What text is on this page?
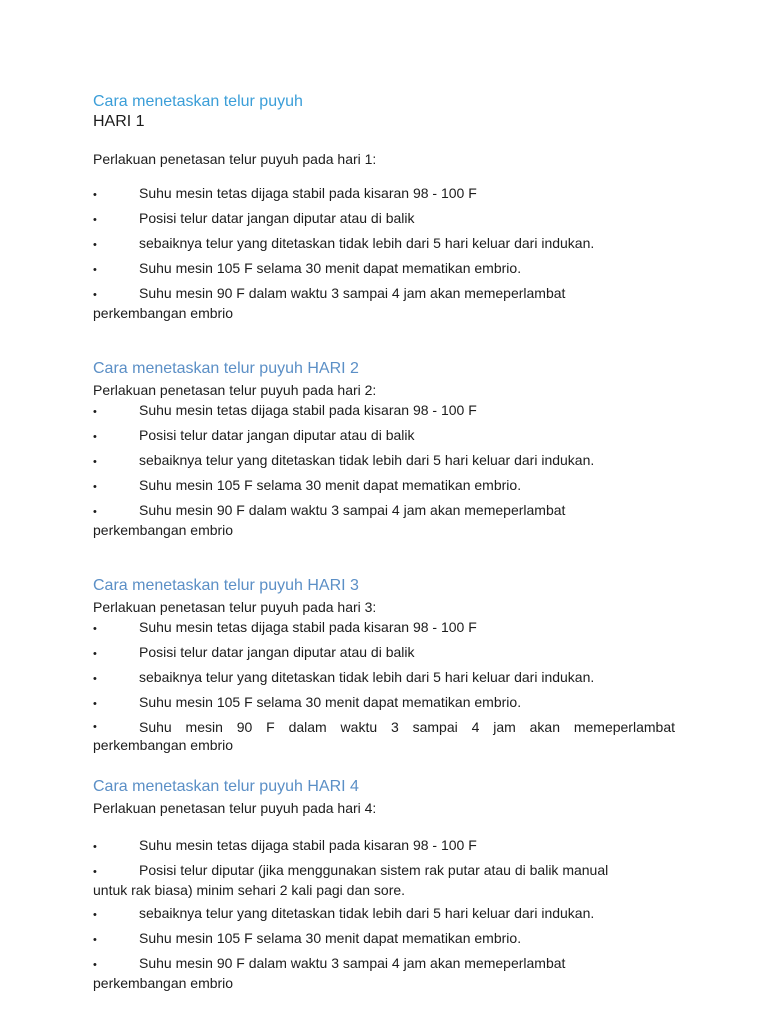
Cara menetaskan telur puyuh
HARI 1

Perlakuan penetasan telur puyuh pada hari 1:

•	Suhu mesin tetas dijaga stabil pada kisaran 98 - 100 F
•	Posisi telur datar jangan diputar atau di balik
•	sebaiknya telur yang ditetaskan tidak lebih dari 5 hari keluar dari indukan.
•	Suhu mesin 105 F selama 30 menit dapat mematikan embrio.
•	Suhu mesin 90 F dalam waktu 3 sampai 4 jam akan memeperlambat
perkembangan embrio
Cara menetaskan telur puyuh HARI 2

Perlakuan penetasan telur puyuh pada hari 2:

•	Suhu mesin tetas dijaga stabil pada kisaran 98 - 100 F
•	Posisi telur datar jangan diputar atau di balik
•	sebaiknya telur yang ditetaskan tidak lebih dari 5 hari keluar dari indukan.
•	Suhu mesin 105 F selama 30 menit dapat mematikan embrio.
•	Suhu mesin 90 F dalam waktu 3 sampai 4 jam akan memeperlambat
perkembangan embrio
Cara menetaskan telur puyuh HARI 3

Perlakuan penetasan telur puyuh pada hari 3:

•	Suhu mesin tetas dijaga stabil pada kisaran 98 - 100 F
•	Posisi telur datar jangan diputar atau di balik
•	sebaiknya telur yang ditetaskan tidak lebih dari 5 hari keluar dari indukan.
•	Suhu mesin 105 F selama 30 menit dapat mematikan embrio.
•	Suhu mesin 90 F dalam waktu 3 sampai 4 jam akan memeperlambat
perkembangan embrio
Cara menetaskan telur puyuh HARI 4

Perlakuan penetasan telur puyuh pada hari 4:

•	Suhu mesin tetas dijaga stabil pada kisaran 98 - 100 F
•	Posisi telur diputar (jika menggunakan sistem rak putar atau di balik manual
untuk rak biasa) minim sehari 2 kali pagi dan sore.
•	sebaiknya telur yang ditetaskan tidak lebih dari 5 hari keluar dari indukan.
•	Suhu mesin 105 F selama 30 menit dapat mematikan embrio.
•	Suhu mesin 90 F dalam waktu 3 sampai 4 jam akan memeperlambat
perkembangan embrio
